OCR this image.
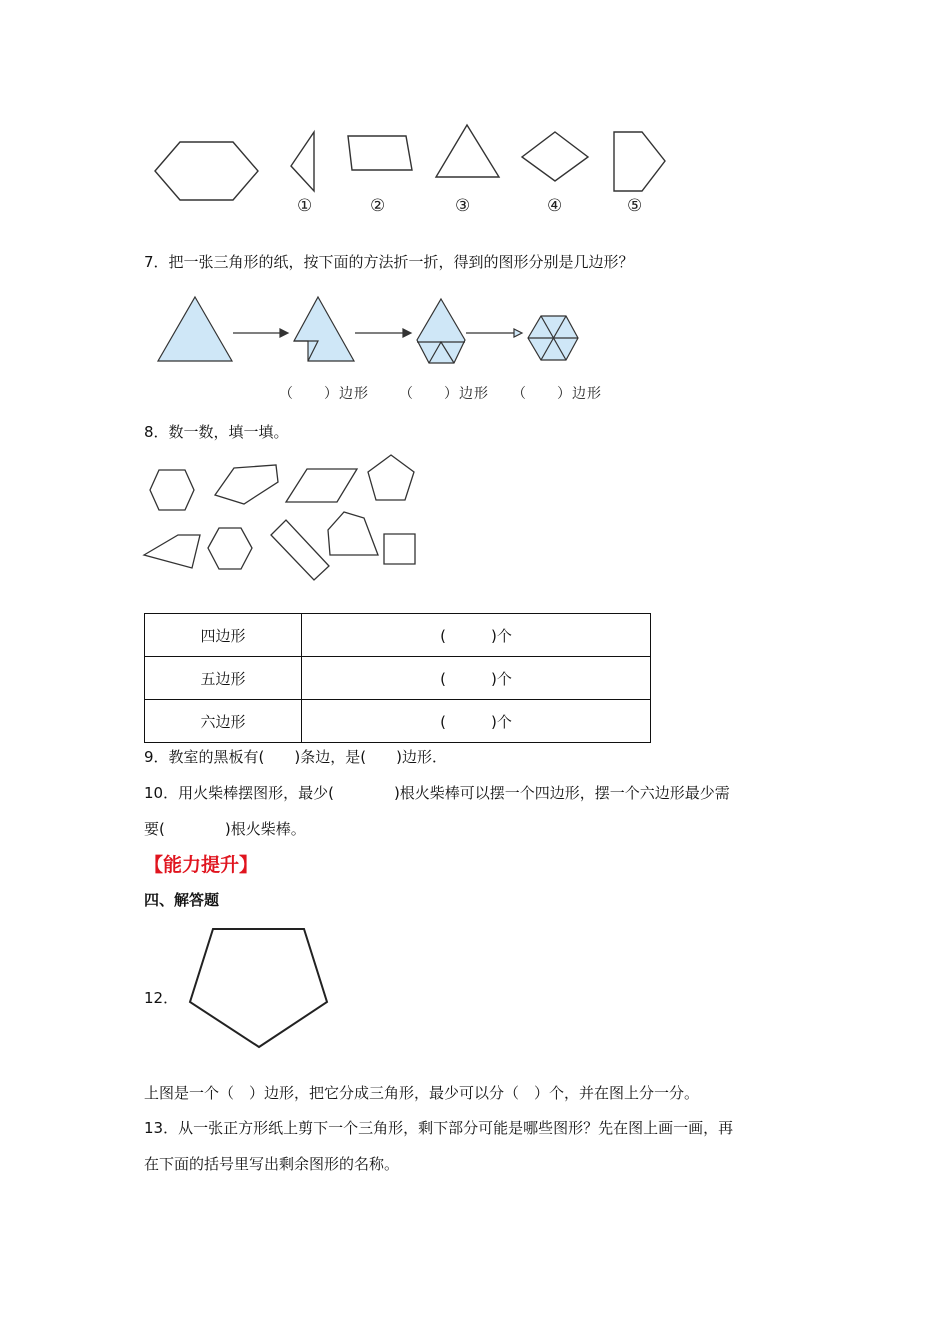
①	②	③	④	⑤
7．把一张三角形的纸，按下面的方法折一折，得到的图形分别是几边形？
（　　）边形 （　　）边形 （　　）边形
8．数一数，填一填。
四边形	(　　　)个
五边形	(　　　)个
六边形	(　　　)个
9．教室的黑板有(　　)条边，是(　　)边形．
10．用火柴棒摆图形，最少(　　　　)根火柴棒可以摆一个四边形，摆一个六边形最少需
要(　　　　)根火柴棒。
【能力提升】
四、解答题
12．
上图是一个（　）边形，把它分成三角形，最少可以分（　）个，并在图上分一分。
13．从一张正方形纸上剪下一个三角形，剩下部分可能是哪些图形？先在图上画一画，再
在下面的括号里写出剩余图形的名称。
